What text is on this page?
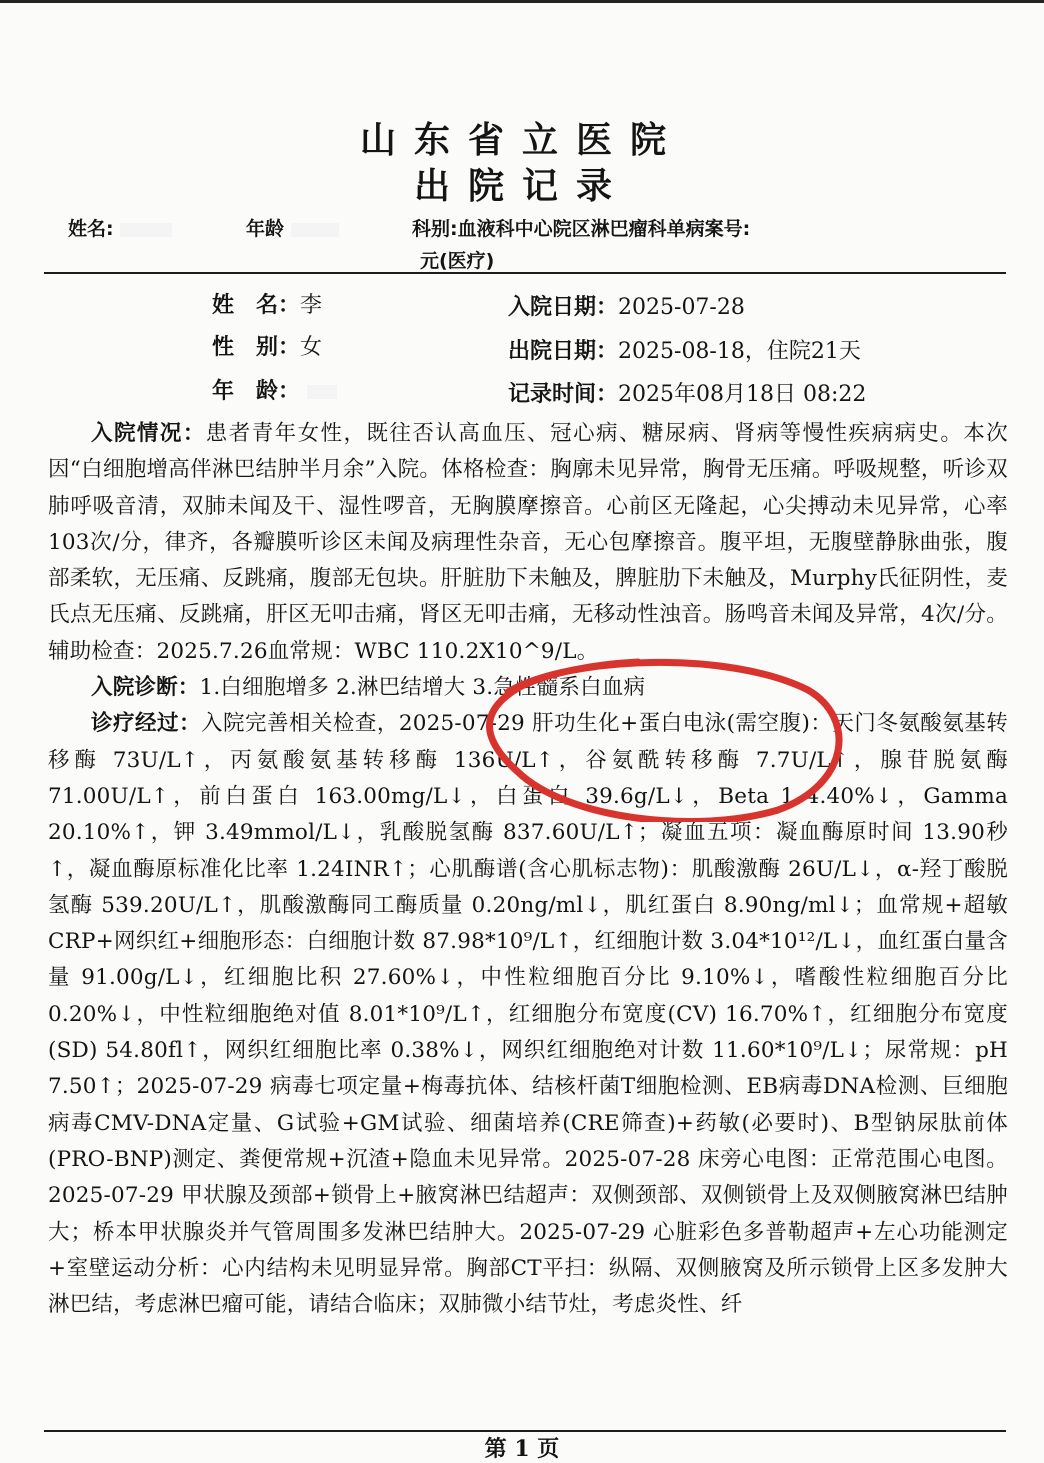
山东省立医院
出院记录
姓名:	年龄	科别:血液科中心院区淋巴瘤科单病案号:
元(医疗)
姓　名：李
性　别：女
年　龄：
入院日期：2025-07-28
出院日期：2025-08-18，住院21天
记录时间：2025年08月18日 08:22

入院情况：患者青年女性，既往否认高血压、冠心病、糖尿病、肾病等慢性疾病病史。本次因“白细胞增高伴淋巴结肿半月余”入院。体格检查：胸廓未见异常，胸骨无压痛。呼吸规整，听诊双肺呼吸音清，双肺未闻及干、湿性啰音，无胸膜摩擦音。心前区无隆起，心尖搏动未见异常，心率103次/分，律齐，各瓣膜听诊区未闻及病理性杂音，无心包摩擦音。腹平坦，无腹壁静脉曲张，腹部柔软，无压痛、反跳痛，腹部无包块。肝脏肋下未触及，脾脏肋下未触及，Murphy氏征阴性，麦氏点无压痛、反跳痛，肝区无叩击痛，肾区无叩击痛，无移动性浊音。肠鸣音未闻及异常，4次/分。辅助检查：2025.7.26血常规：WBC 110.2X10^9/L。

入院诊断：1.白细胞增多 2.淋巴结增大 3.急性髓系白血病

诊疗经过：入院完善相关检查，2025-07-29 肝功生化+蛋白电泳(需空腹)：天门冬氨酸氨基转移酶 73U/L↑，丙氨酸氨基转移酶 136U/L↑，谷氨酰转移酶 7.7U/L↑，腺苷脱氨酶 71.00U/L↑，前白蛋白 163.00mg/L↓，白蛋白 39.6g/L↓，Beta 1 4.40%↓，Gamma 20.10%↑，钾 3.49mmol/L↓，乳酸脱氢酶 837.60U/L↑；凝血五项：凝血酶原时间 13.90秒↑，凝血酶原标准化比率 1.24INR↑；心肌酶谱(含心肌标志物)：肌酸激酶 26U/L↓，α-羟丁酸脱氢酶 539.20U/L↑，肌酸激酶同工酶质量 0.20ng/ml↓，肌红蛋白 8.90ng/ml↓；血常规+超敏CRP+网织红+细胞形态：白细胞计数 87.98*10⁹/L↑，红细胞计数 3.04*10¹²/L↓，血红蛋白量含量 91.00g/L↓，红细胞比积 27.60%↓，中性粒细胞百分比 9.10%↓，嗜酸性粒细胞百分比 0.20%↓，中性粒细胞绝对值 8.01*10⁹/L↑，红细胞分布宽度(CV) 16.70%↑，红细胞分布宽度(SD) 54.80fl↑，网织红细胞比率 0.38%↓，网织红细胞绝对计数 11.60*10⁹/L↓；尿常规：pH 7.50↑；2025-07-29 病毒七项定量+梅毒抗体、结核杆菌T细胞检测、EB病毒DNA检测、巨细胞病毒CMV-DNA定量、G试验+GM试验、细菌培养(CRE筛查)+药敏(必要时)、B型钠尿肽前体(PRO-BNP)测定、粪便常规+沉渣+隐血未见异常。2025-07-28 床旁心电图：正常范围心电图。2025-07-29 甲状腺及颈部+锁骨上+腋窝淋巴结超声：双侧颈部、双侧锁骨上及双侧腋窝淋巴结肿大；桥本甲状腺炎并气管周围多发淋巴结肿大。2025-07-29 心脏彩色多普勒超声+左心功能测定+室壁运动分析：心内结构未见明显异常。胸部CT平扫：纵隔、双侧腋窝及所示锁骨上区多发肿大淋巴结，考虑淋巴瘤可能，请结合临床；双肺微小结节灶，考虑炎性、纤

第 1 页
